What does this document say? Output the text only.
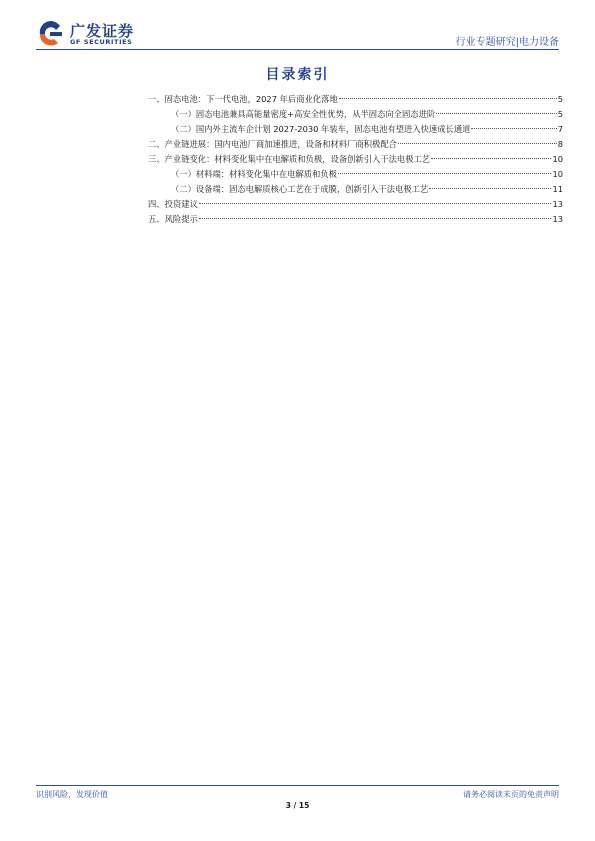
广发证券
GF SECURITIES	行业专题研究|电力设备
目录索引
一、固态电池：下一代电池，2027 年后商业化落地	5
（一）固态电池兼具高能量密度+高安全性优势，从半固态向全固态进阶	5
（二）国内外主流车企计划 2027-2030 年装车，固态电池有望进入快速成长通道	7
二、产业链进展：国内电池厂商加速推进，设备和材料厂商积极配合	8
三、产业链变化：材料变化集中在电解质和负极，设备创新引入干法电极工艺	10
（一）材料端：材料变化集中在电解质和负极	10
（二）设备端：固态电解质核心工艺在于成膜，创新引入干法电极工艺	11
四、投资建议	13
五、风险提示	13
识别风险，发现价值	请务必阅读末页的免责声明
3 / 15
